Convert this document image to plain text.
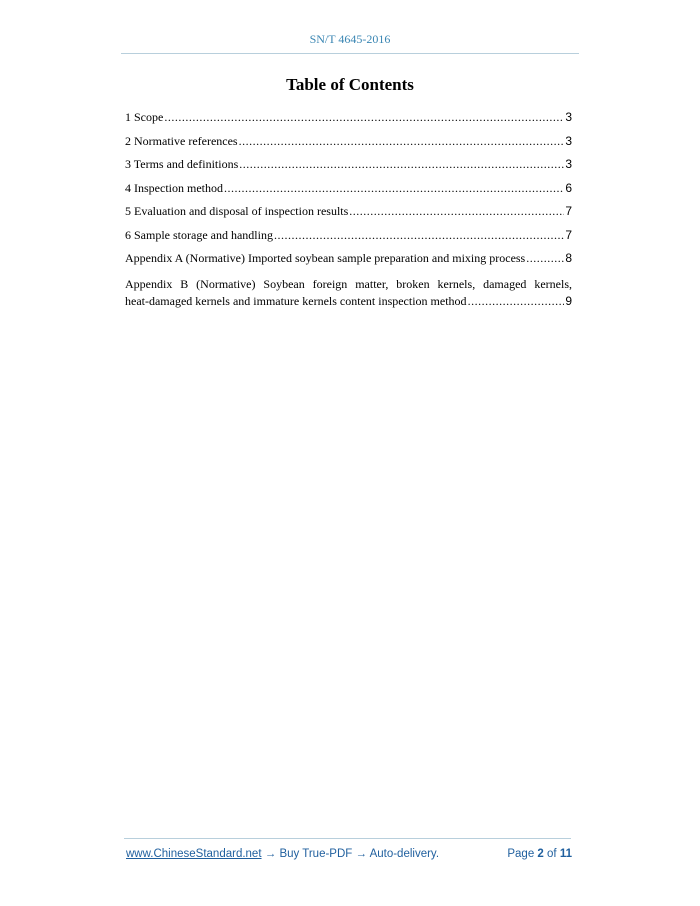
SN/T 4645-2016
Table of Contents
1 Scope .....	3
2 Normative references .....	3
3 Terms and definitions .....	3
4 Inspection method .....	6
5 Evaluation and disposal of inspection results .....	7
6 Sample storage and handling .....	7
Appendix A (Normative) Imported soybean sample preparation and mixing process .....	8
Appendix B (Normative) Soybean foreign matter, broken kernels, damaged kernels,
heat-damaged kernels and immature kernels content inspection method .....	9
www.ChineseStandard.net → Buy True-PDF → Auto-delivery.	Page 2 of 11
